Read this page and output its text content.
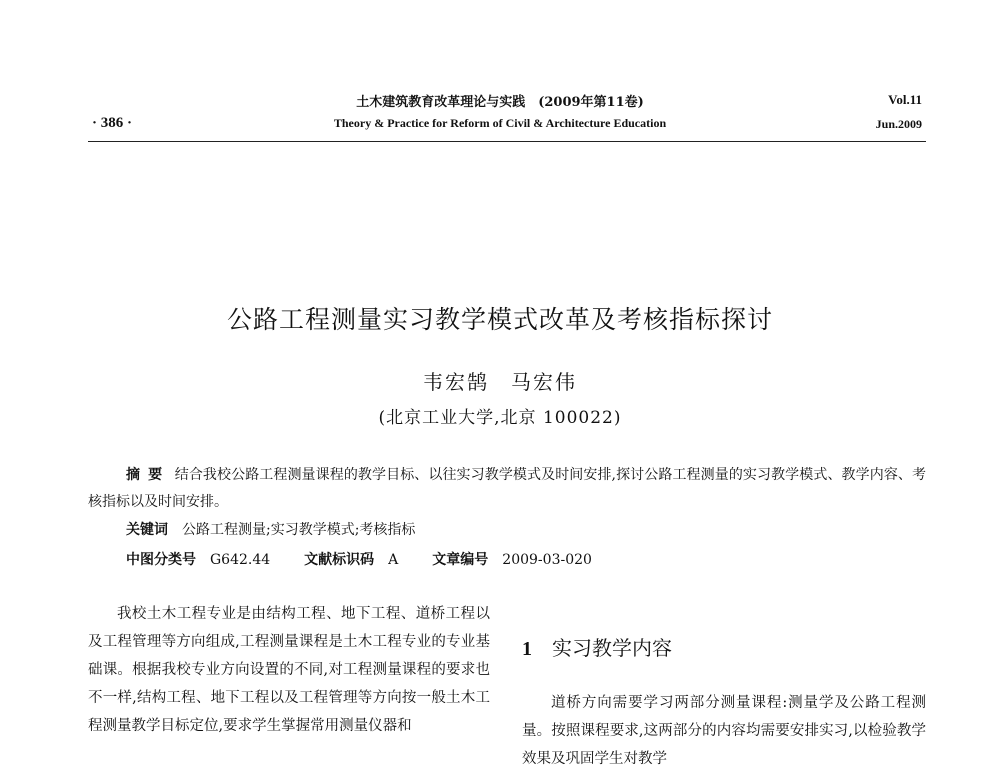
土木建筑教育改革理论与实践　(2009年第11卷)
Theory & Practice for Reform of Civil & Architecture Education
· 386 ·
Vol.11
Jun.2009
公路工程测量实习教学模式改革及考核指标探讨
韦宏鹄　马宏伟
(北京工业大学,北京 100022)
摘要 结合我校公路工程测量课程的教学目标、以往实习教学模式及时间安排,探讨公路工程测量的实习教学模式、教学内容、考核指标以及时间安排。
关键词 公路工程测量;实习教学模式;考核指标
中图分类号 G642.44 文献标识码 A 文章编号 2009-03-020
我校土木工程专业是由结构工程、地下工程、道桥工程以及工程管理等方向组成,工程测量课程是土木工程专业的专业基础课。根据我校专业方向设置的不同,对工程测量课程的要求也不一样,结构工程、地下工程以及工程管理等方向按一般土木工程测量教学目标定位,要求学生掌握常用测量仪器和
1 实习教学内容
道桥方向需要学习两部分测量课程:测量学及公路工程测量。按照课程要求,这两部分的内容均需要安排实习,以检验教学效果及巩固学生对教学
